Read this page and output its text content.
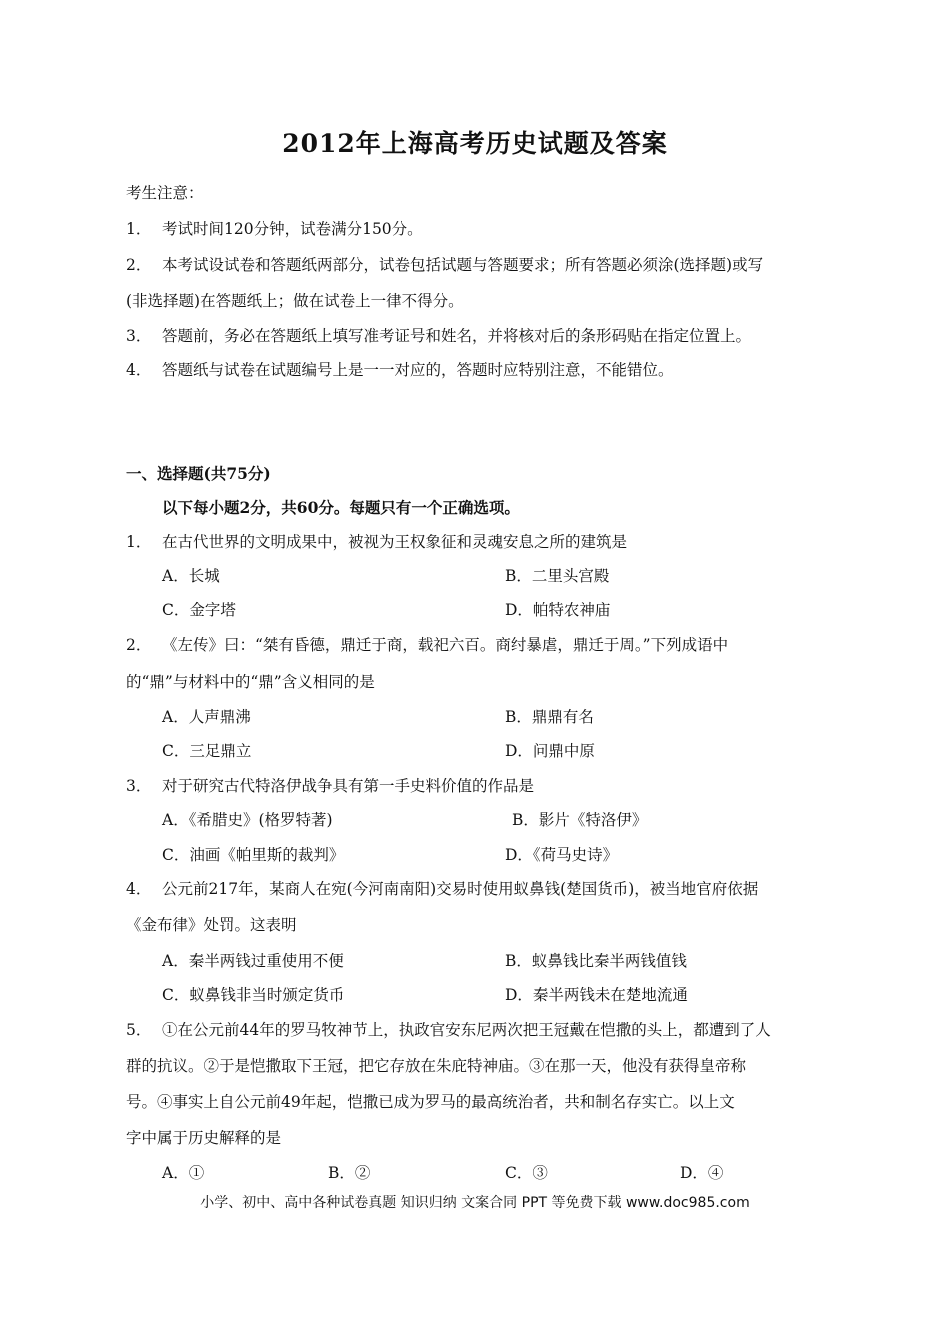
2012年上海高考历史试题及答案
考生注意：
1． 考试时间120分钟，试卷满分150分。
2． 本考试设试卷和答题纸两部分，试卷包括试题与答题要求；所有答题必须涂(选择题)或写
(非选择题)在答题纸上；做在试卷上一律不得分。
3． 答题前，务必在答题纸上填写准考证号和姓名，并将核对后的条形码贴在指定位置上。
4． 答题纸与试卷在试题编号上是一一对应的，答题时应特别注意，不能错位。
一、选择题(共75分)
以下每小题2分，共60分。每题只有一个正确选项。
1． 在古代世界的文明成果中，被视为王权象征和灵魂安息之所的建筑是
A．长城	B．二里头宫殿
C．金字塔	D．帕特农神庙
2． 《左传》曰：“桀有昏德，鼎迁于商，载祀六百。商纣暴虐，鼎迁于周。”下列成语中
的“鼎”与材料中的“鼎”含义相同的是
A．人声鼎沸	B．鼎鼎有名
C．三足鼎立	D．问鼎中原
3． 对于研究古代特洛伊战争具有第一手史料价值的作品是
A．《希腊史》(格罗特著)	B．影片《特洛伊》
C．油画《帕里斯的裁判》	D．《荷马史诗》
4． 公元前217年，某商人在宛(今河南南阳)交易时使用蚁鼻钱(楚国货币)，被当地官府依据
《金布律》处罚。这表明
A．秦半两钱过重使用不便	B．蚁鼻钱比秦半两钱值钱
C．蚁鼻钱非当时颁定货币	D．秦半两钱未在楚地流通
5． ①在公元前44年的罗马牧神节上，执政官安东尼两次把王冠戴在恺撒的头上，都遭到了人
群的抗议。②于是恺撒取下王冠，把它存放在朱庇特神庙。③在那一天，他没有获得皇帝称
号。④事实上自公元前49年起，恺撒已成为罗马的最高统治者，共和制名存实亡。以上文
字中属于历史解释的是
A．①	B．②	C．③	D．④
小学、初中、高中各种试卷真题 知识归纳 文案合同 PPT 等免费下载 www.doc985.com
